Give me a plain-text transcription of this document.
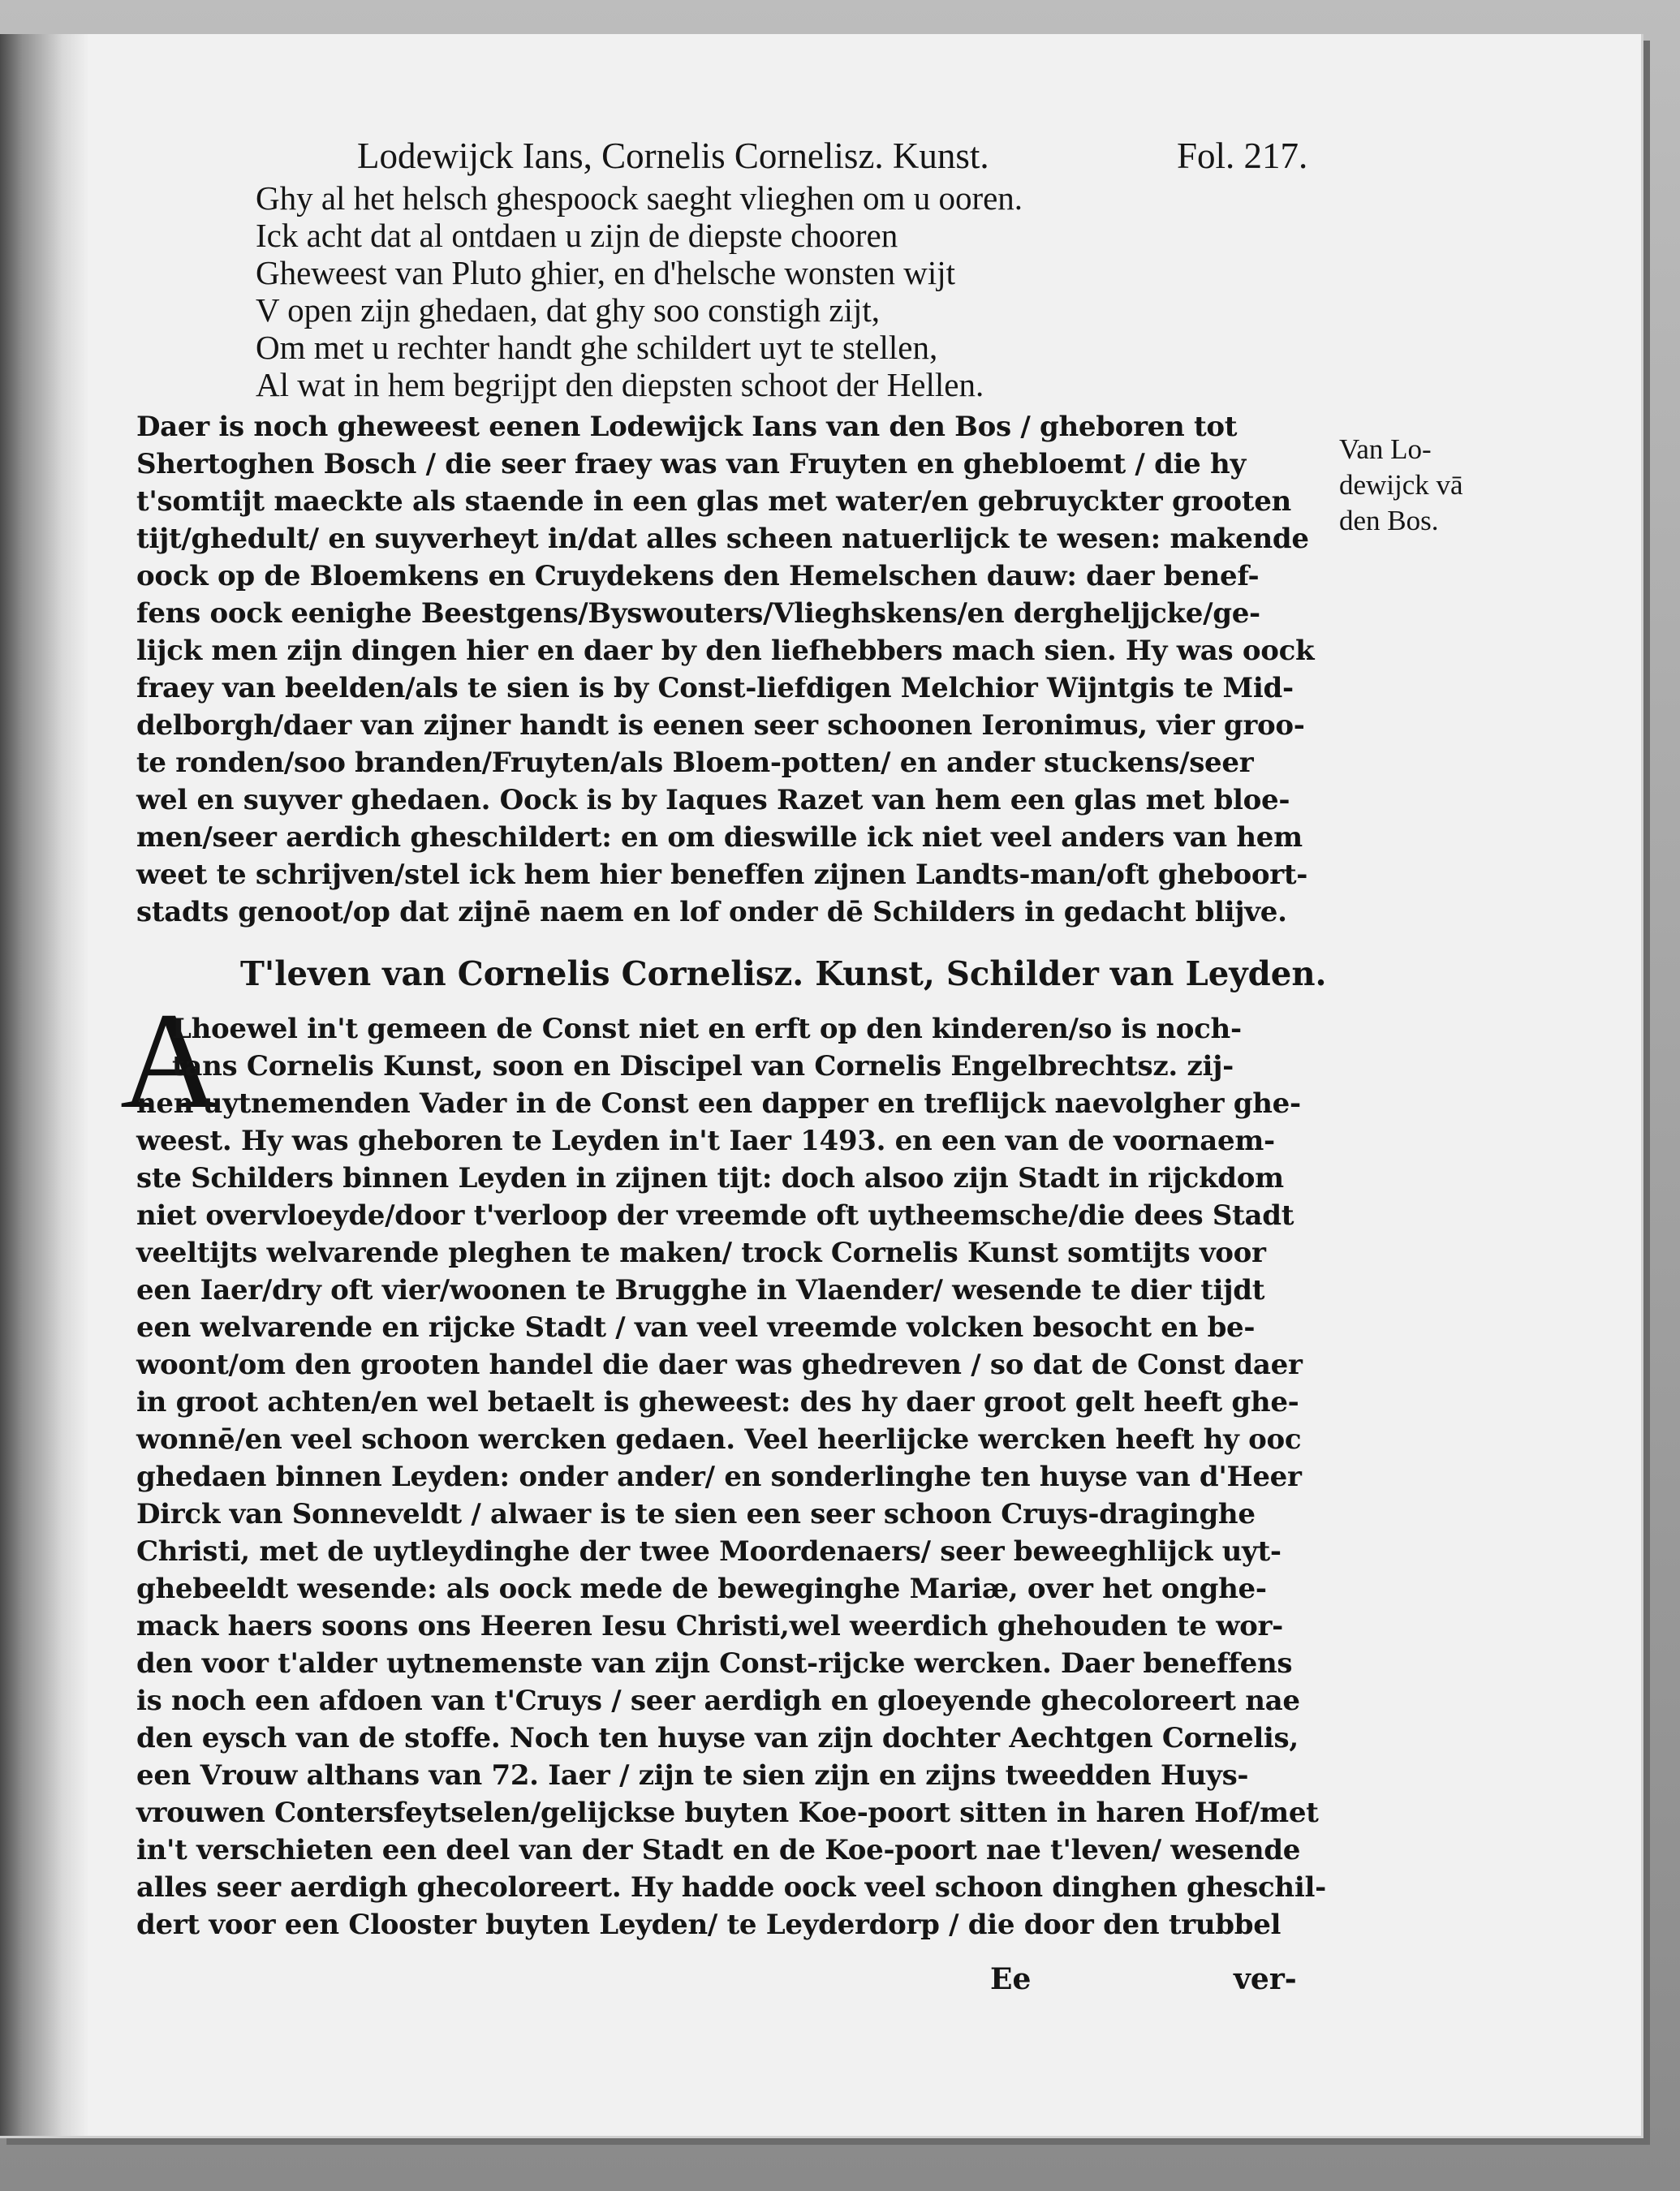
Lodewijck Ians, Cornelis Cornelisz. Kunst.	Fol. 217.
Ghy al het helsch ghespoock saeght vlieghen om u ooren.
Ick acht dat al ontdaen u zijn de diepste chooren
Gheweest van Pluto ghier, en d'helsche wonsten wijt
V open zijn ghedaen, dat ghy soo constigh zijt,
Om met u rechter handt ghe schildert uyt te stellen,
Al wat in hem begrijpt den diepsten schoot der Hellen.
Van Lo-
dewijck vā
den Bos.
Daer is noch gheweest eenen Lodewijck Ians van den Bos / gheboren tot
Shertoghen Bosch / die seer fraey was van Fruyten en ghebloemt / die hy
t'somtijt maeckte als staende in een glas met water/en gebruyckter grooten
tijt/ghedult/ en suyverheyt in/dat alles scheen natuerlijck te wesen: makende
oock op de Bloemkens en Cruydekens den Hemelschen dauw: daer benef-
fens oock eenighe Beestgens/Byswouters/Vlieghskens/en dergheljjcke/ge-
lijck men zijn dingen hier en daer by den liefhebbers mach sien. Hy was oock
fraey van beelden/als te sien is by Const-liefdigen Melchior Wijntgis te Mid-
delborgh/daer van zijner handt is eenen seer schoonen Ieronimus, vier groo-
te ronden/soo branden/Fruyten/als Bloem-potten/ en ander stuckens/seer
wel en suyver ghedaen. Oock is by Iaques Razet van hem een glas met bloe-
men/seer aerdich gheschildert: en om dieswille ick niet veel anders van hem
weet te schrijven/stel ick hem hier beneffen zijnen Landts-man/oft gheboort-
stadts genoot/op dat zijnē naem en lof onder dē Schilders in gedacht blijve.
T'leven van Cornelis Cornelisz. Kunst, Schilder van Leyden.
A
Lhoewel in't gemeen de Const niet en erft op den kinderen/so is noch-
tans Cornelis Kunst, soon en Discipel van Cornelis Engelbrechtsz. zij-
nen uytnemenden Vader in de Const een dapper en treflijck naevolgher ghe-
weest. Hy was gheboren te Leyden in't Iaer 1493. en een van de voornaem-
ste Schilders binnen Leyden in zijnen tijt: doch alsoo zijn Stadt in rijckdom
niet overvloeyde/door t'verloop der vreemde oft uytheemsche/die dees Stadt
veeltijts welvarende pleghen te maken/ trock Cornelis Kunst somtijts voor
een Iaer/dry oft vier/woonen te Brugghe in Vlaender/ wesende te dier tijdt
een welvarende en rijcke Stadt / van veel vreemde volcken besocht en be-
woont/om den grooten handel die daer was ghedreven / so dat de Const daer
in groot achten/en wel betaelt is gheweest: des hy daer groot gelt heeft ghe-
wonnē/en veel schoon wercken gedaen. Veel heerlijcke wercken heeft hy ooc
ghedaen binnen Leyden: onder ander/ en sonderlinghe ten huyse van d'Heer
Dirck van Sonneveldt / alwaer is te sien een seer schoon Cruys-draginghe
Christi, met de uytleydinghe der twee Moordenaers/ seer beweeghlijck uyt-
ghebeeldt wesende: als oock mede de beweginghe Mariæ, over het onghe-
mack haers soons ons Heeren Iesu Christi,wel weerdich ghehouden te wor-
den voor t'alder uytnemenste van zijn Const-rijcke wercken. Daer beneffens
is noch een afdoen van t'Cruys / seer aerdigh en gloeyende ghecoloreert nae
den eysch van de stoffe. Noch ten huyse van zijn dochter Aechtgen Cornelis,
een Vrouw althans van 72. Iaer / zijn te sien zijn en zijns tweedden Huys-
vrouwen Contersfeytselen/gelijckse buyten Koe-poort sitten in haren Hof/met
in't verschieten een deel van der Stadt en de Koe-poort nae t'leven/ wesende
alles seer aerdigh ghecoloreert. Hy hadde oock veel schoon dinghen gheschil-
dert voor een Clooster buyten Leyden/ te Leyderdorp / die door den trubbel
Ee	ver-
